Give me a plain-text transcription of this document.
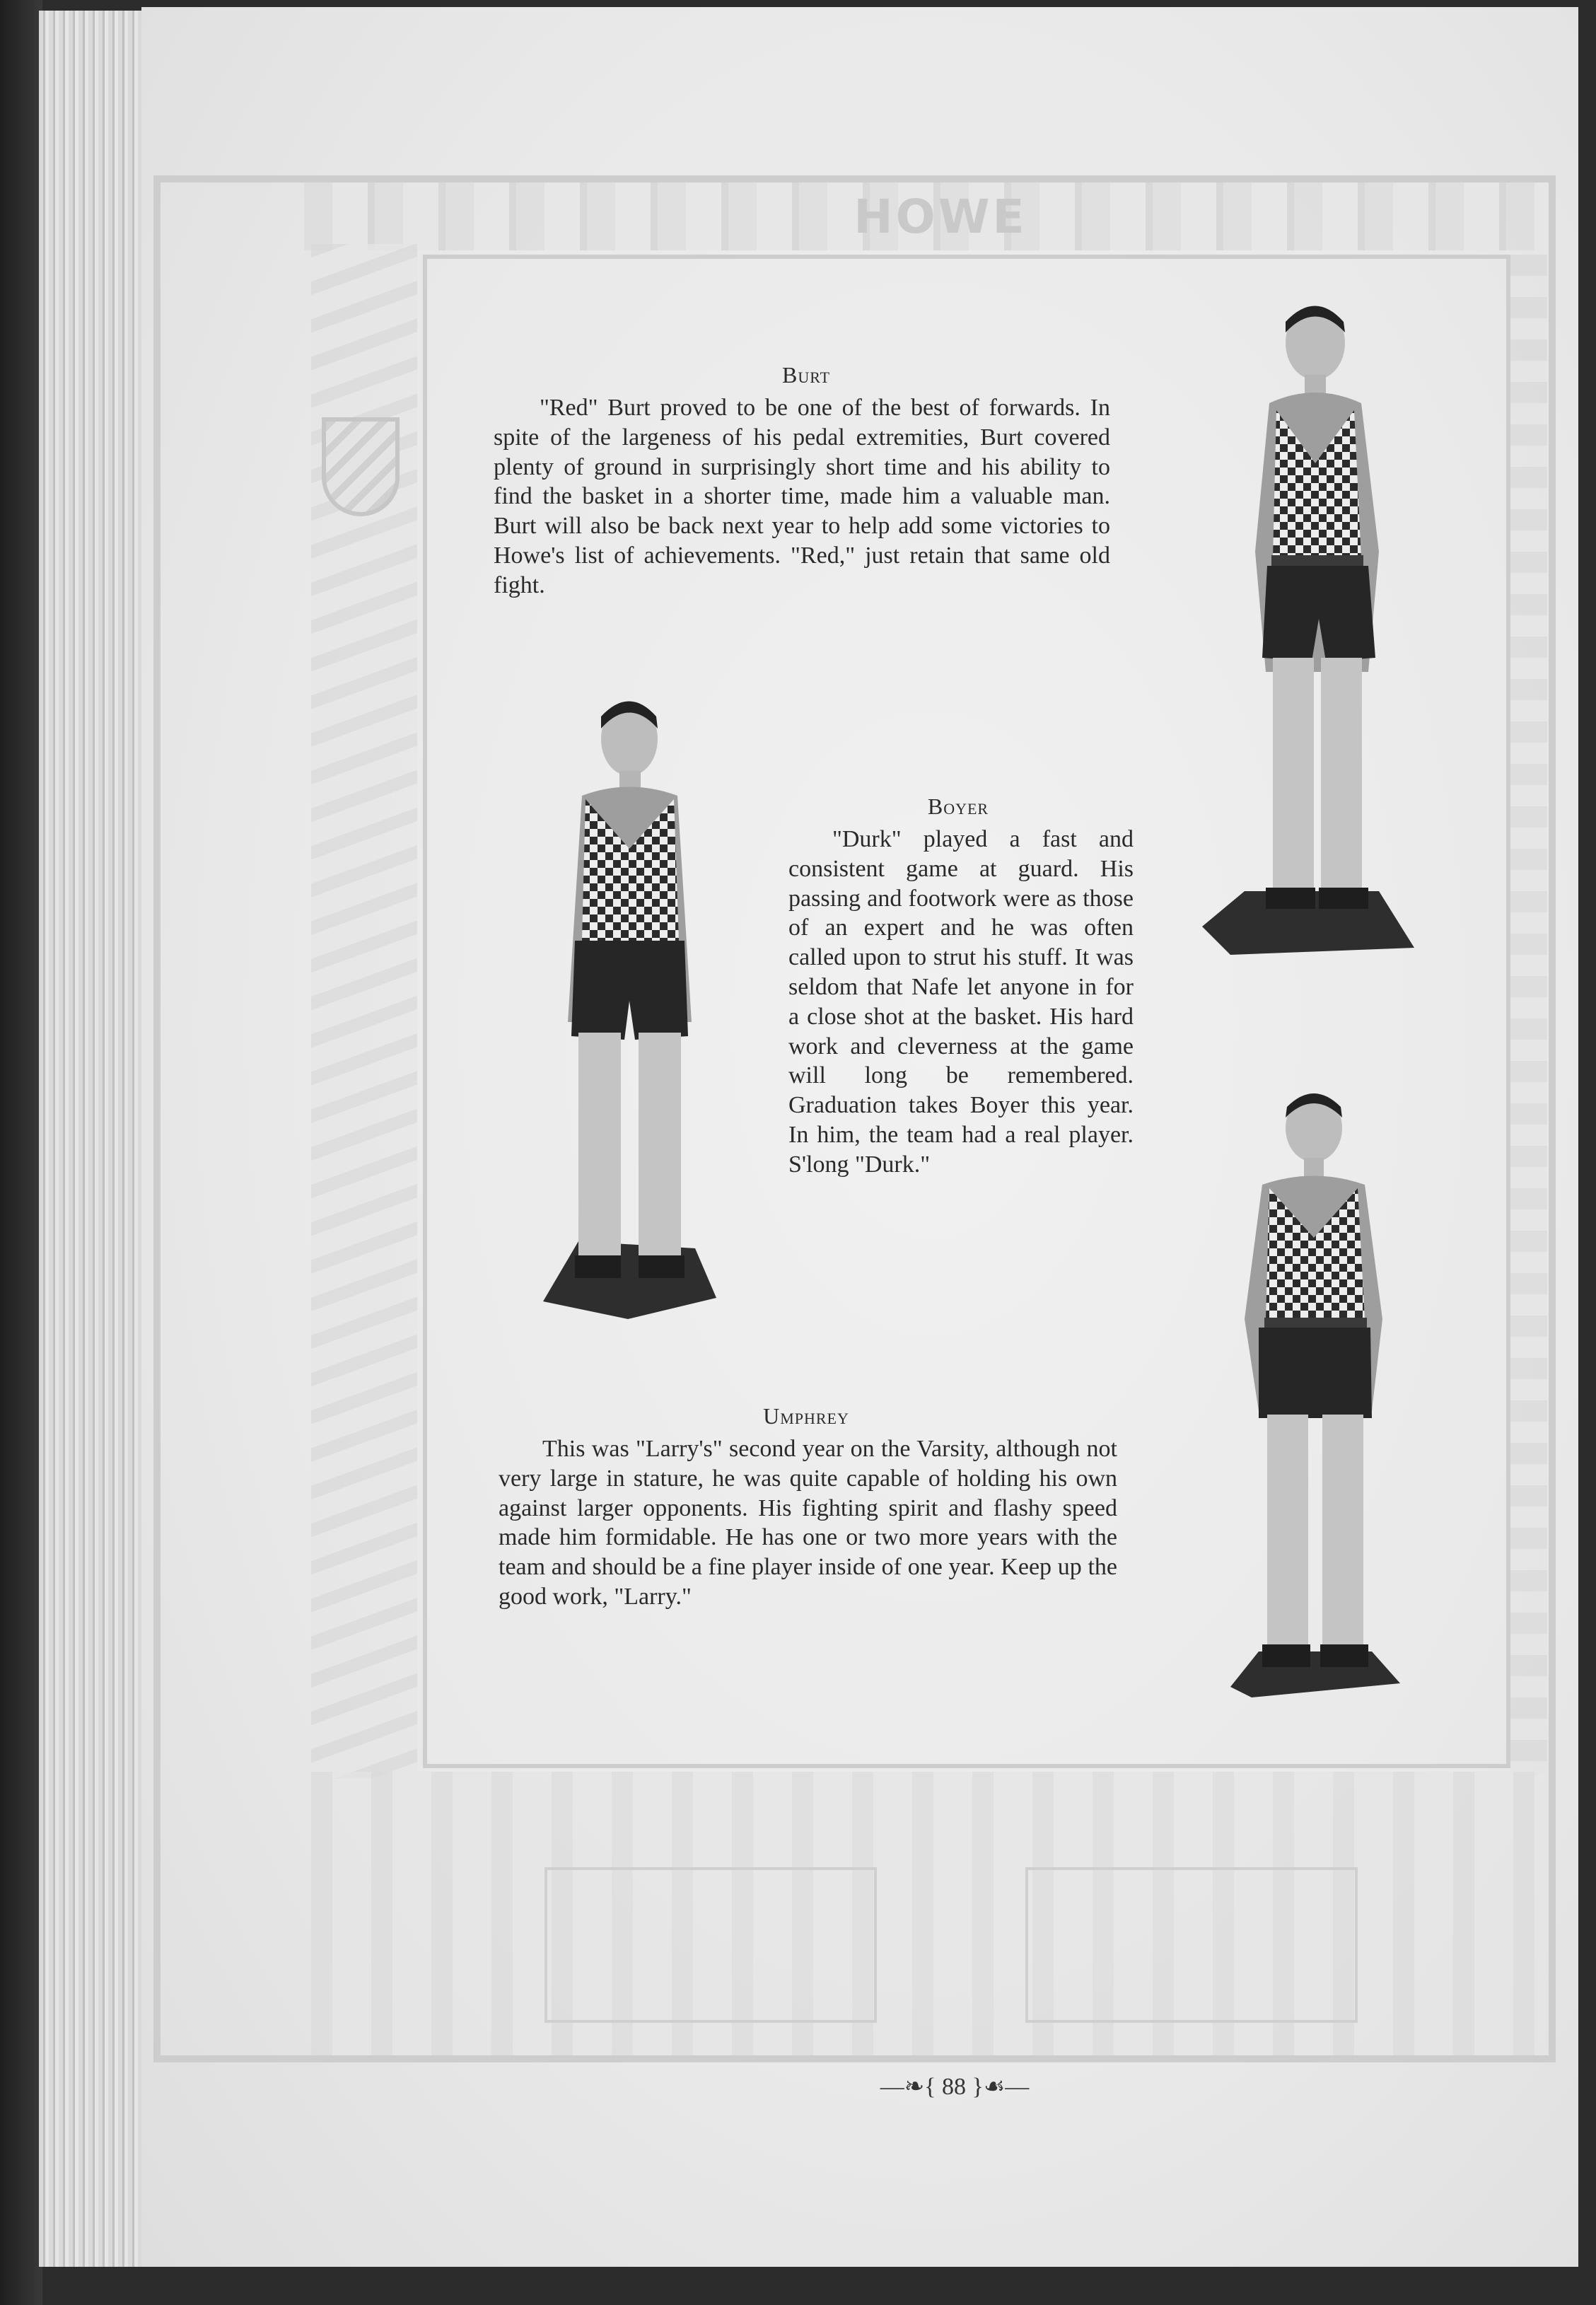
HOWE
Burt
"Red" Burt proved to be one of the best of forwards. In spite of the largeness of his pedal extremities, Burt covered plenty of ground in surprisingly short time and his ability to find the basket in a shorter time, made him a valuable man. Burt will also be back next year to help add some victories to Howe's list of achievements. "Red," just retain that same old fight.
Boyer
"Durk" played a fast and consistent game at guard. His passing and footwork were as those of an expert and he was often called upon to strut his stuff. It was seldom that Nafe let anyone in for a close shot at the basket. His hard work and cleverness at the game will long be remembered. Graduation takes Boyer this year. In him, the team had a real player. S'long "Durk."
Umphrey
This was "Larry's" second year on the Varsity, although not very large in stature, he was quite capable of holding his own against larger opponents. His fighting spirit and flashy speed made him formidable. He has one or two more years with the team and should be a fine player inside of one year. Keep up the good work, "Larry."
—❧{ 88 }☙—
